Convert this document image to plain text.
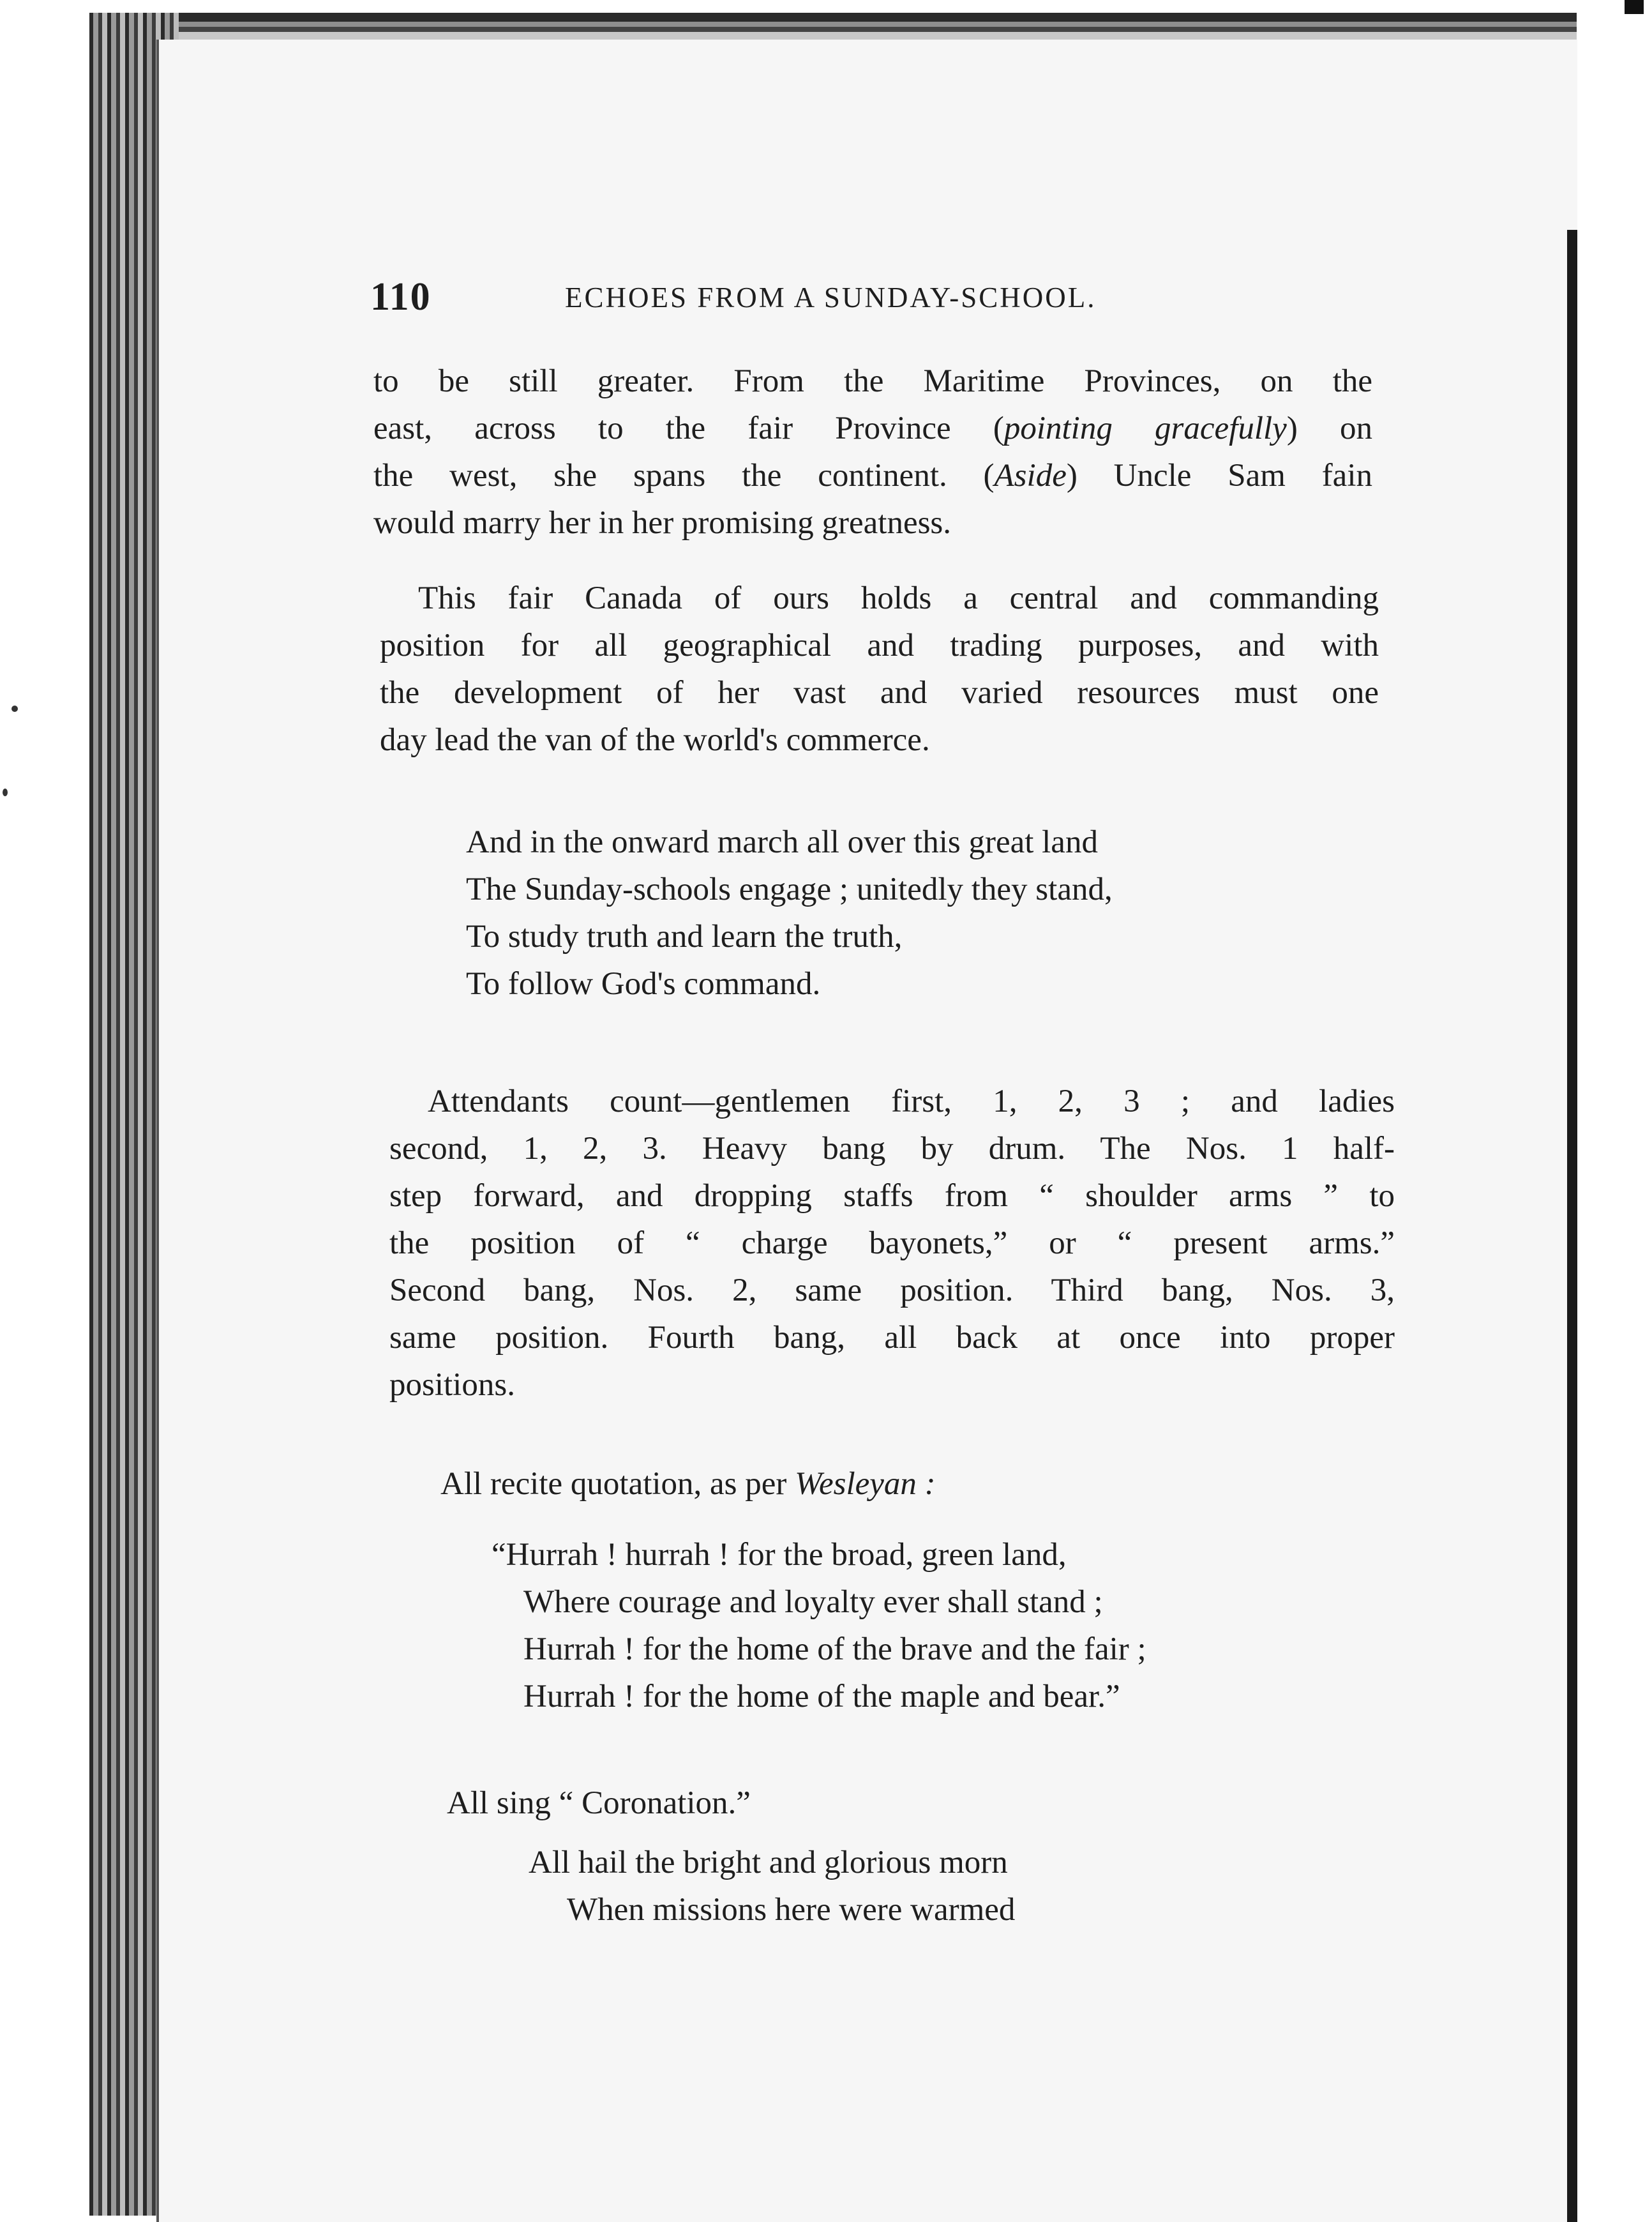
110	ECHOES FROM A SUNDAY-SCHOOL.
to be still greater. From the Maritime Provinces, on the
east, across to the fair Province (pointing gracefully) on
the west, she spans the continent. (Aside) Uncle Sam fain
would marry her in her promising greatness.
This fair Canada of ours holds a central and commanding
position for all geographical and trading purposes, and with
the development of her vast and varied resources must one
day lead the van of the world's commerce.
And in the onward march all over this great land
The Sunday-schools engage ; unitedly they stand,
To study truth and learn the truth,
To follow God's command.
Attendants count—gentlemen first, 1, 2, 3 ; and ladies
second, 1, 2, 3. Heavy bang by drum. The Nos. 1 half-
step forward, and dropping staffs from “ shoulder arms ” to
the position of “ charge bayonets,” or “ present arms.”
Second bang, Nos. 2, same position. Third bang, Nos. 3,
same position. Fourth bang, all back at once into proper
positions.
All recite quotation, as per Wesleyan :
“Hurrah ! hurrah ! for the broad, green land,
Where courage and loyalty ever shall stand ;
Hurrah ! for the home of the brave and the fair ;
Hurrah ! for the home of the maple and bear.”
All sing “ Coronation.”
All hail the bright and glorious morn
When missions here were warmed
